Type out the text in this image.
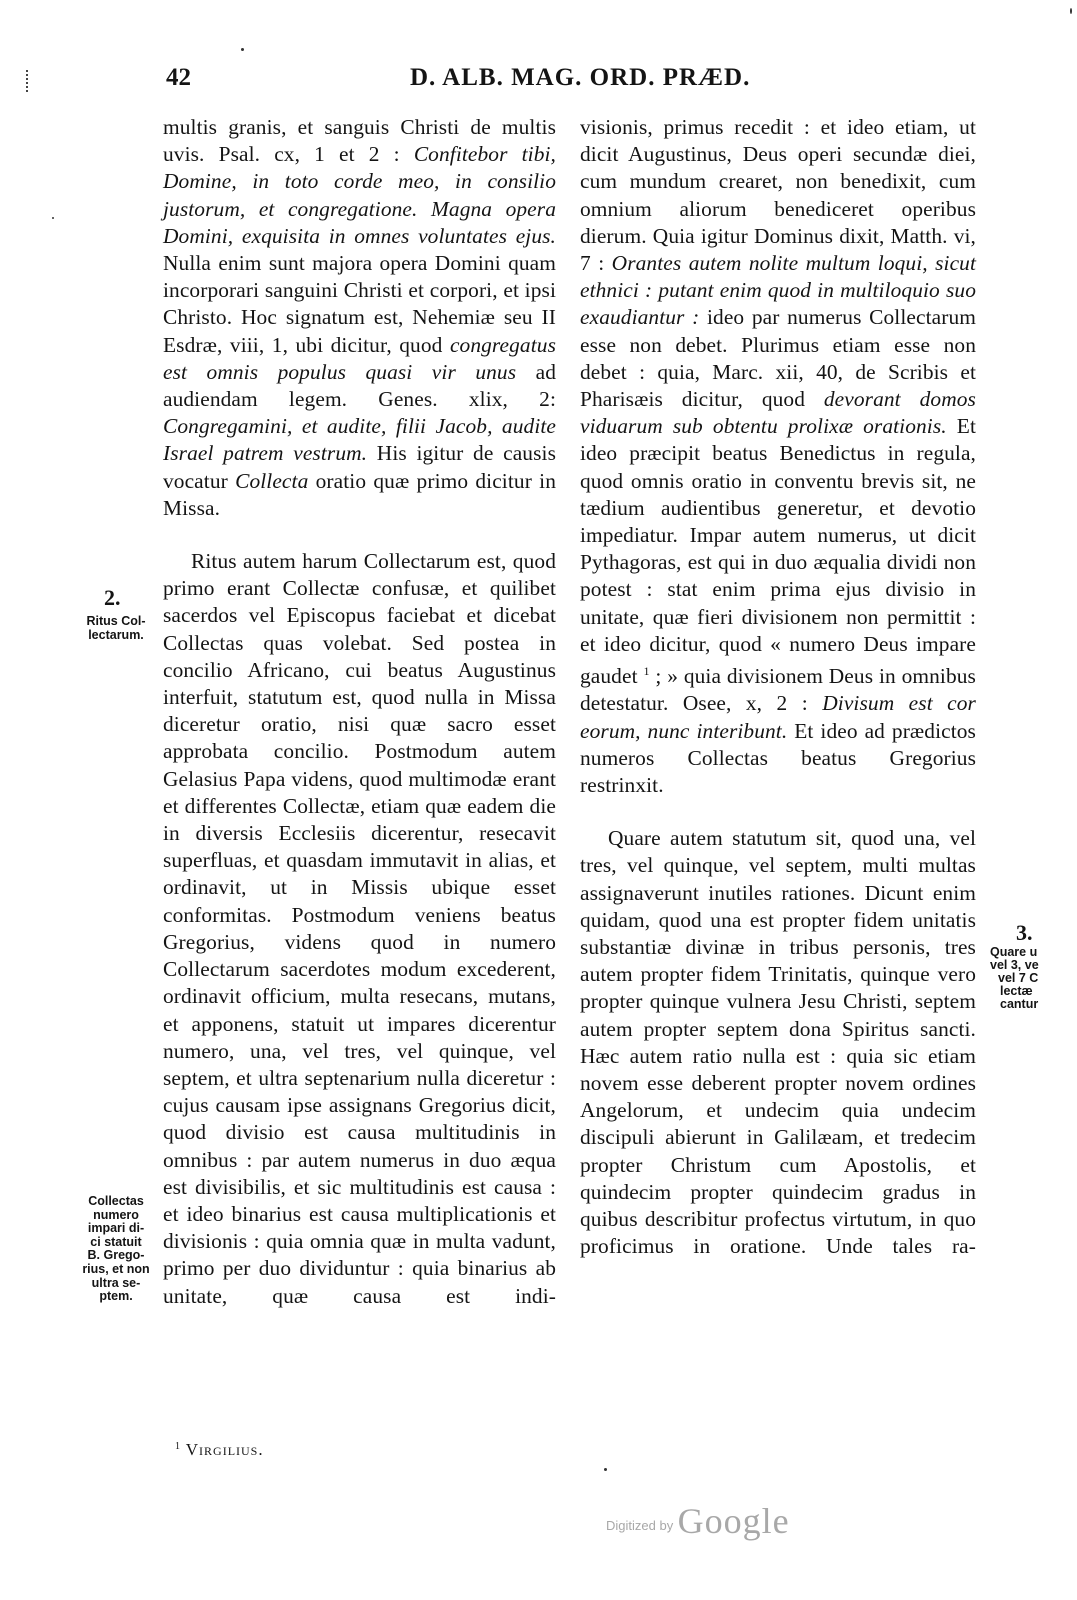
42	D. ALB. MAG. ORD. PRÆD.

multis granis, et sanguis Christi de multis uvis. Psal. cx, 1 et 2 : Confitebor tibi, Domine, in toto corde meo, in consilio justorum, et congregatione. Magna opera Domini, exquisita in omnes voluntates ejus. Nulla enim sunt majora opera Domini quam incorporari sanguini Christi et corpori, et ipsi Christo. Hoc signatum est, Nehemiæ seu II Esdræ, viii, 1, ubi dicitur, quod congregatus est omnis populus quasi vir unus ad audiendam legem. Genes. xlix, 2: Congregamini, et audite, filii Jacob, audite Israel patrem vestrum. His igitur de causis vocatur Collecta oratio quæ primo dicitur in Missa.

Ritus autem harum Collectarum est, quod primo erant Collectæ confusæ, et quilibet sacerdos vel Episcopus faciebat et dicebat Collectas quas volebat. Sed postea in concilio Africano, cui beatus Augustinus interfuit, statutum est, quod nulla in Missa diceretur oratio, nisi quæ sacro esset approbata concilio. Postmodum autem Gelasius Papa videns, quod multimodæ erant et differentes Collectæ, etiam quæ eadem die in diversis Ecclesiis dicerentur, resecavit superfluas, et quasdam immutavit in alias, et ordinavit, ut in Missis ubique esset conformitas. Postmodum veniens beatus Gregorius, videns quod in numero Collectarum sacerdotes modum excederent, ordinavit officium, multa resecans, mutans, et apponens, statuit ut impares dicerentur numero, una, vel tres, vel quinque, vel septem, et ultra septenarium nulla diceretur : cujus causam ipse assignans Gregorius dicit, quod divisio est causa multitudinis in omnibus : par autem numerus in duo æqua est divisibilis, et sic multitudinis est causa : et ideo binarius est causa multiplicationis et divisionis : quia omnia quæ in multa vadunt, primo per duo dividuntur : quia binarius ab unitate, quæ causa est indi-

visionis, primus recedit : et ideo etiam, ut dicit Augustinus, Deus operi secundæ diei, cum mundum crearet, non benedixit, cum omnium aliorum benediceret operibus dierum. Quia igitur Dominus dixit, Matth. vi, 7 : Orantes autem nolite multum loqui, sicut ethnici : putant enim quod in multiloquio suo exaudiantur : ideo par numerus Collectarum esse non debet. Plurimus etiam esse non debet : quia, Marc. xii, 40, de Scribis et Pharisæis dicitur, quod devorant domos viduarum sub obtentu prolixæ orationis. Et ideo præcipit beatus Benedictus in regula, quod omnis oratio in conventu brevis sit, ne tædium audientibus generetur, et devotio impediatur. Impar autem numerus, ut dicit Pythagoras, est qui in duo æqualia dividi non potest : stat enim prima ejus divisio in unitate, quæ fieri divisionem non permittit : et ideo dicitur, quod « numero Deus impare gaudet $^1$ ; » quia divisionem Deus in omnibus detestatur. Osee, x, 2 : Divisum est cor eorum, nunc interibunt. Et ideo ad prædictos numeros Collectas beatus Gregorius restrinxit.

Quare autem statutum sit, quod una, vel tres, vel quinque, vel septem, multi multas assignaverunt inutiles rationes. Dicunt enim quidam, quod una est propter fidem unitatis substantiæ divinæ in tribus personis, tres autem propter fidem Trinitatis, quinque vero propter quinque vulnera Jesu Christi, septem autem propter septem dona Spiritus sancti. Hæc autem ratio nulla est : quia sic etiam novem esse deberent propter novem ordines Angelorum, et undecim quia undecim discipuli abierunt in Galilæam, et tredecim propter Christum cum Apostolis, et quindecim propter quindecim gradus in quibus describitur profectus virtutum, in quo proficimus in oratione. Unde tales ra-

2.
Ritus Col-
lectarum.
Collectas
numero
impari di-
ci statuit
B. Grego-
rius, et non
ultra se-
ptem.
3.
Quare u
vel 3, ve
vel 7 C
lectæ
cantur
$^1$ Virgilius.
Digitized by Google
